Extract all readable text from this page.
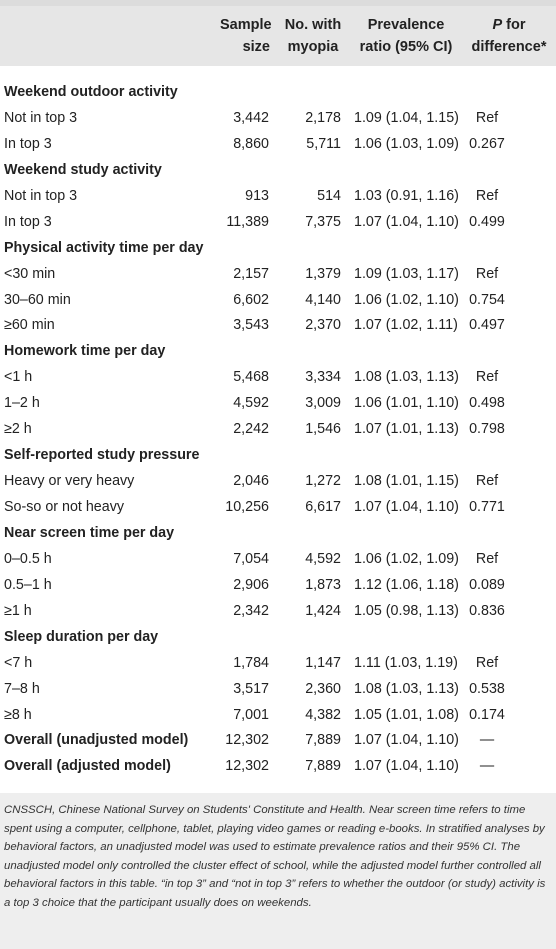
Sample
size
No. with
myopia
Prevalence
ratio (95% CI)
P for
difference*
Weekend outdoor activity
Not in top 3	3,442	2,178 1.09 (1.04, 1.15)	Ref
In top 3	8,860	5,711 1.06 (1.03, 1.09) 0.267
Weekend study activity
Not in top 3	913	514 1.03 (0.91, 1.16)	Ref
In top 3	11,389	7,375 1.07 (1.04, 1.10) 0.499
Physical activity time per day
<30 min	2,157	1,379 1.09 (1.03, 1.17)	Ref
30–60 min	6,602	4,140 1.06 (1.02, 1.10) 0.754
≥60 min	3,543	2,370 1.07 (1.02, 1.11) 0.497
Homework time per day
<1 h	5,468	3,334 1.08 (1.03, 1.13)	Ref
1–2 h	4,592	3,009 1.06 (1.01, 1.10) 0.498
≥2 h	2,242	1,546 1.07 (1.01, 1.13) 0.798
Self-reported study pressure
Heavy or very heavy	2,046	1,272 1.08 (1.01, 1.15)	Ref
So-so or not heavy	10,256	6,617 1.07 (1.04, 1.10) 0.771
Near screen time per day
0–0.5 h	7,054	4,592 1.06 (1.02, 1.09)	Ref
0.5–1 h	2,906	1,873 1.12 (1.06, 1.18) 0.089
≥1 h	2,342	1,424 1.05 (0.98, 1.13) 0.836
Sleep duration per day
<7 h	1,784	1,147 1.11 (1.03, 1.19)	Ref
7–8 h	3,517	2,360 1.08 (1.03, 1.13) 0.538
≥8 h	7,001	4,382 1.05 (1.01, 1.08) 0.174
Overall (unadjusted model)	12,302	7,889 1.07 (1.04, 1.10)	—
Overall (adjusted model)	12,302	7,889 1.07 (1.04, 1.10)	—

CNSSCH, Chinese National Survey on Students' Constitute and Health. Near screen time refers to time spent using a computer, cellphone, tablet, playing video games or reading e-books. In stratified analyses by behavioral factors, an unadjusted model was used to estimate prevalence ratios and their 95% CI. The unadjusted model only controlled the cluster effect of school, while the adjusted model further controlled all behavioral factors in this table. “in top 3” and “not in top 3” refers to whether the outdoor (or study) activity is a top 3 choice that the participant usually does on weekends.
